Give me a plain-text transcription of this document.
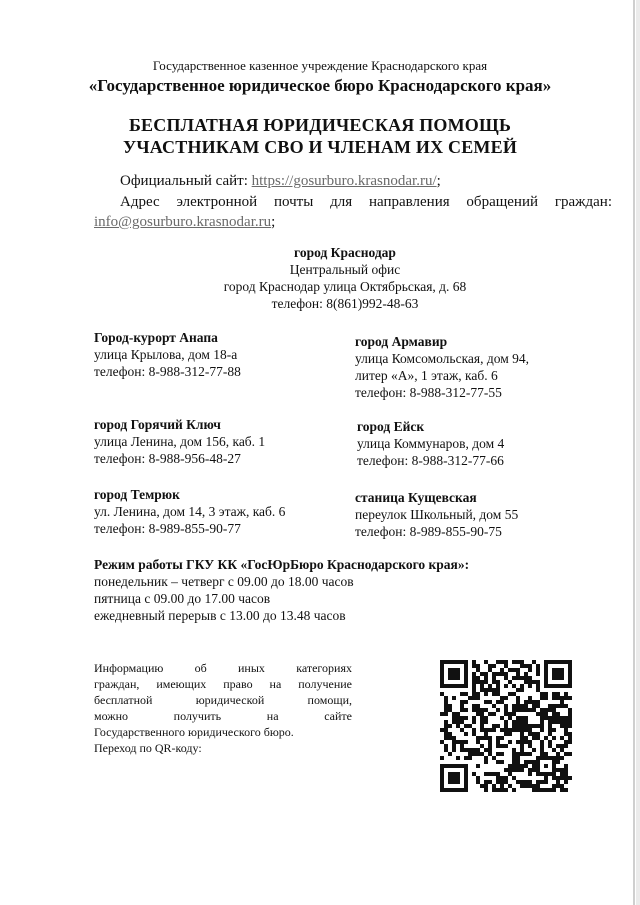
Государственное казенное учреждение Краснодарского края
«Государственное юридическое бюро Краснодарского края»
БЕСПЛАТНАЯ ЮРИДИЧЕСКАЯ ПОМОЩЬ
УЧАСТНИКАМ СВО И ЧЛЕНАМ ИХ СЕМЕЙ
Официальный сайт: https://gosurburo.krasnodar.ru/;
Адрес электронной почты для направления обращений граждан:
info@gosurburo.krasnodar.ru;
город Краснодар
Центральный офис
город Краснодар улица Октябрьская, д. 68
телефон: 8(861)992-48-63
Город-курорт Анапа
улица Крылова, дом 18-а
телефон: 8-988-312-77-88
город Армавир
улица Комсомольская, дом 94,
литер «А», 1 этаж, каб. 6
телефон: 8-988-312-77-55
город Горячий Ключ
улица Ленина, дом 156, каб. 1
телефон: 8-988-956-48-27
город Ейск
улица Коммунаров, дом 4
телефон: 8-988-312-77-66
город Темрюк
ул. Ленина, дом 14, 3 этаж, каб. 6
телефон: 8-989-855-90-77
станица Кущевская
переулок Школьный, дом 55
телефон: 8-989-855-90-75
Режим работы ГКУ КК «ГосЮрБюро Краснодарского края»:
понедельник – четверг с 09.00 до 18.00 часов
пятница с 09.00 до 17.00 часов
ежедневный перерыв с 13.00 до 13.48 часов
Информацию об иных категориях
граждан, имеющих право на получение
бесплатной юридической помощи,
можно получить на сайте
Государственного юридического бюро.
Переход по QR-коду:
